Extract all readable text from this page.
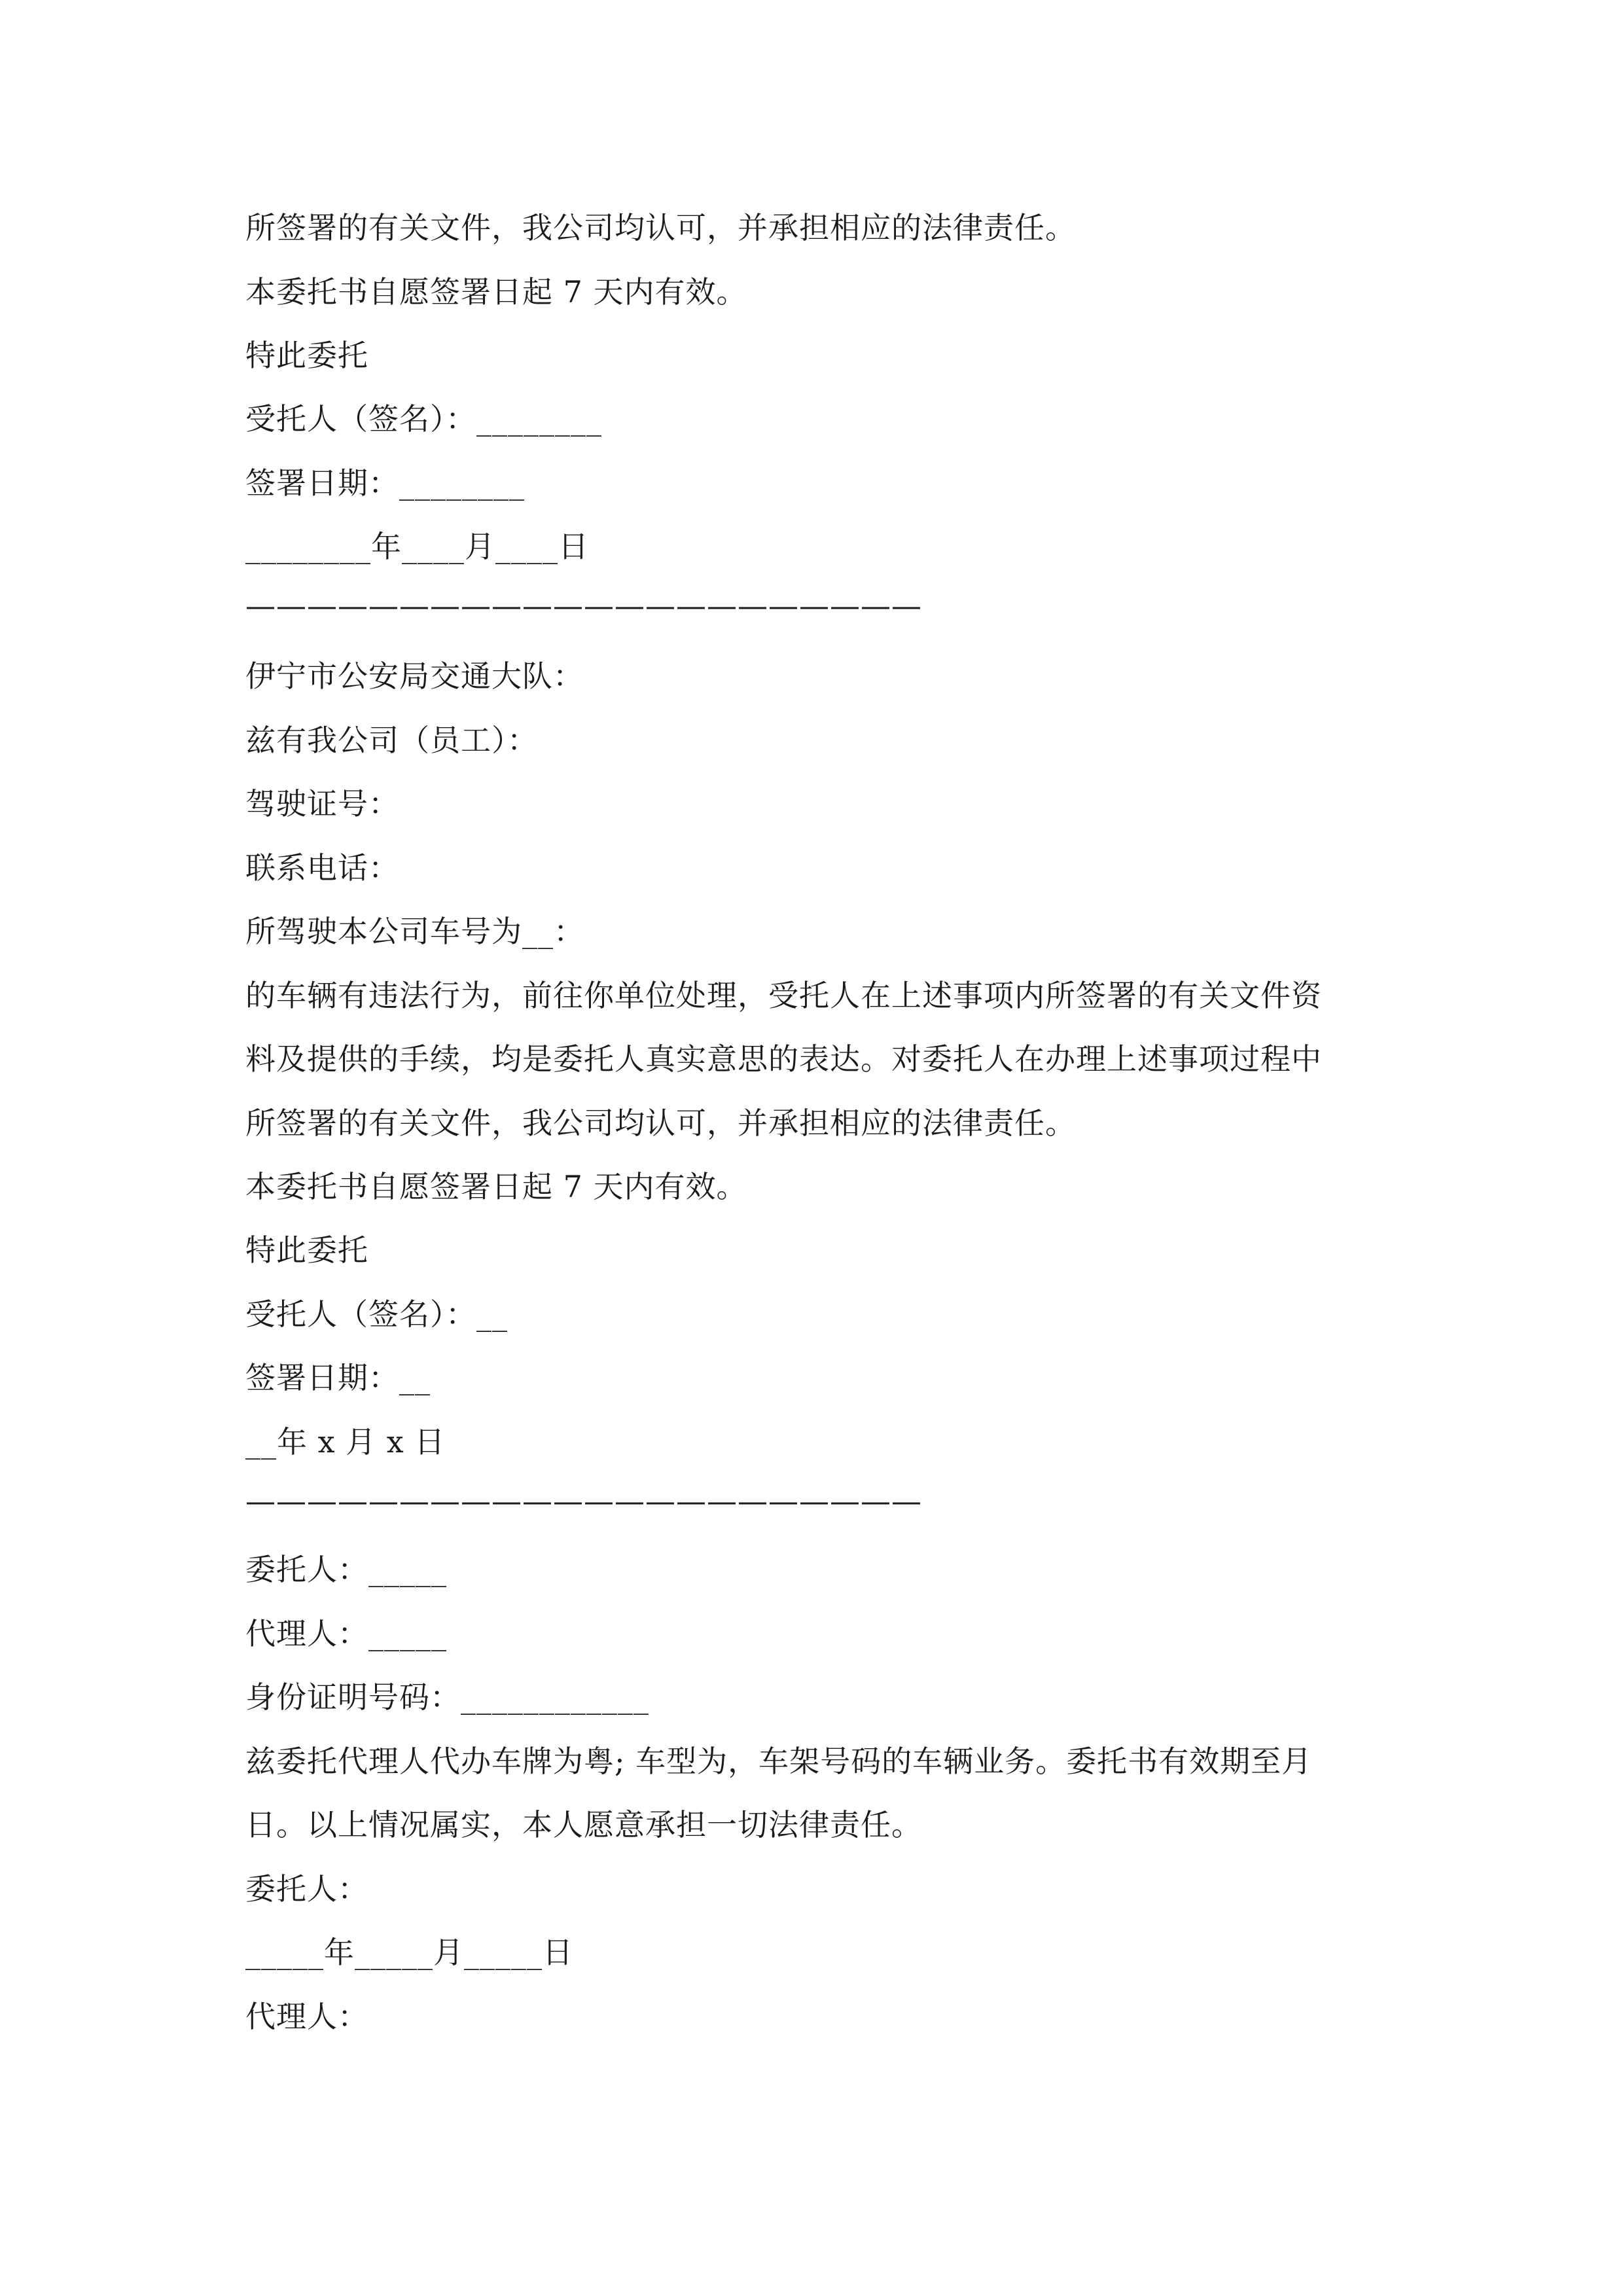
所签署的有关文件，我公司均认可，并承担相应的法律责任。
本委托书自愿签署日起 7 天内有效。
特此委托
受托人（签名）：________
签署日期：________
________年____月____日
——————————————————————
伊宁市公安局交通大队：
兹有我公司（员工）：
驾驶证号：
联系电话：
所驾驶本公司车号为__：
的车辆有违法行为，前往你单位处理，受托人在上述事项内所签署的有关文件资
料及提供的手续，均是委托人真实意思的表达。对委托人在办理上述事项过程中
所签署的有关文件，我公司均认可，并承担相应的法律责任。
本委托书自愿签署日起 7 天内有效。
特此委托
受托人（签名）：__
签署日期：__
__年 x 月 x 日
——————————————————————
委托人：_____
代理人：_____
身份证明号码：____________
兹委托代理人代办车牌为粤; 车型为，车架号码的车辆业务。委托书有效期至月
日。以上情况属实，本人愿意承担一切法律责任。
委托人：
_____年_____月_____日
代理人：
